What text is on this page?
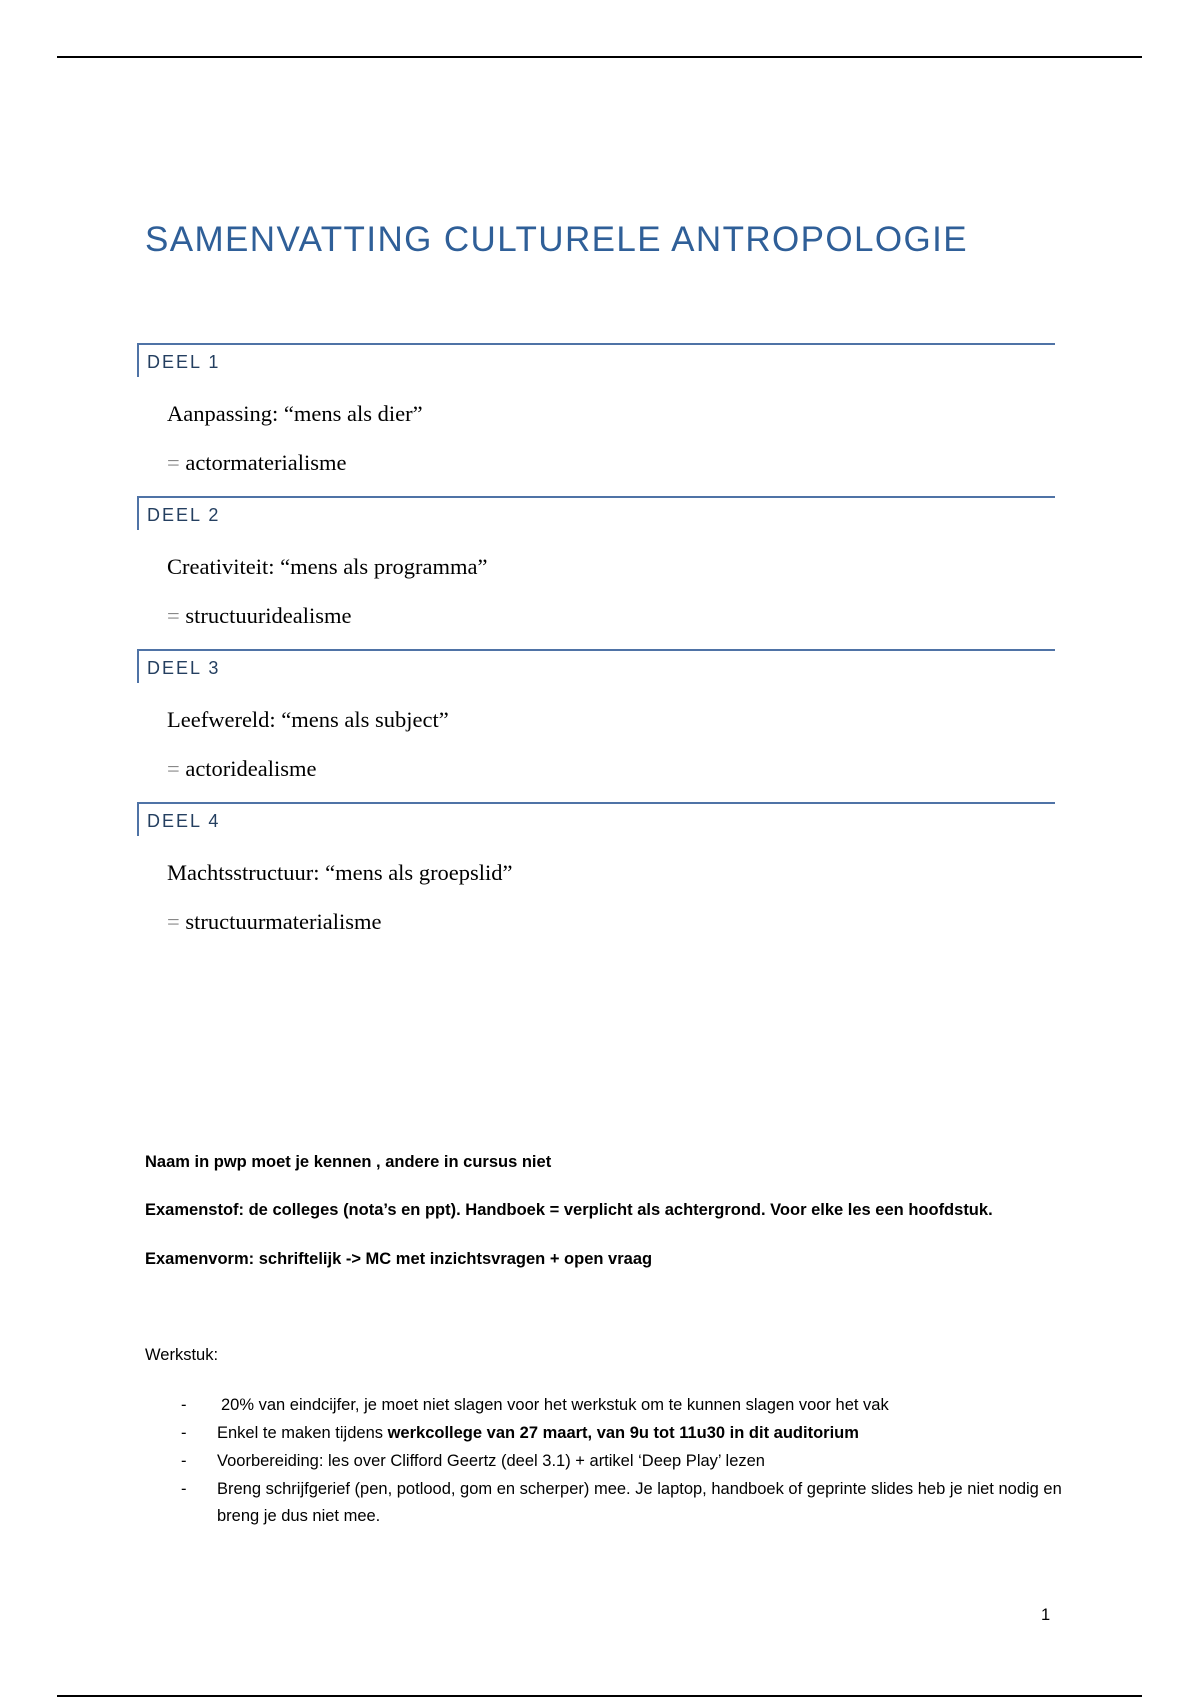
SAMENVATTING CULTURELE ANTROPOLOGIE
DEEL 1
Aanpassing: “mens als dier”
= actormaterialisme
DEEL 2
Creativiteit: “mens als programma”
= structuuridealisme
DEEL 3
Leefwereld: “mens als subject”
= actoridealisme
DEEL 4
Machtsstructuur: “mens als groepslid”
= structuurmaterialisme
Naam in pwp moet je kennen , andere in cursus niet
Examenstof: de colleges (nota’s en ppt). Handboek = verplicht als achtergrond. Voor elke les een hoofdstuk.
Examenvorm: schriftelijk -> MC met inzichtsvragen + open vraag
Werkstuk:
- 20% van eindcijfer, je moet niet slagen voor het werkstuk om te kunnen slagen voor het vak
- Enkel te maken tijdens werkcollege van 27 maart, van 9u tot 11u30 in dit auditorium
- Voorbereiding: les over Clifford Geertz (deel 3.1) + artikel ‘Deep Play’ lezen
- Breng schrijfgerief (pen, potlood, gom en scherper) mee. Je laptop, handboek of geprinte slides heb je niet nodig en breng je dus niet mee.
1
